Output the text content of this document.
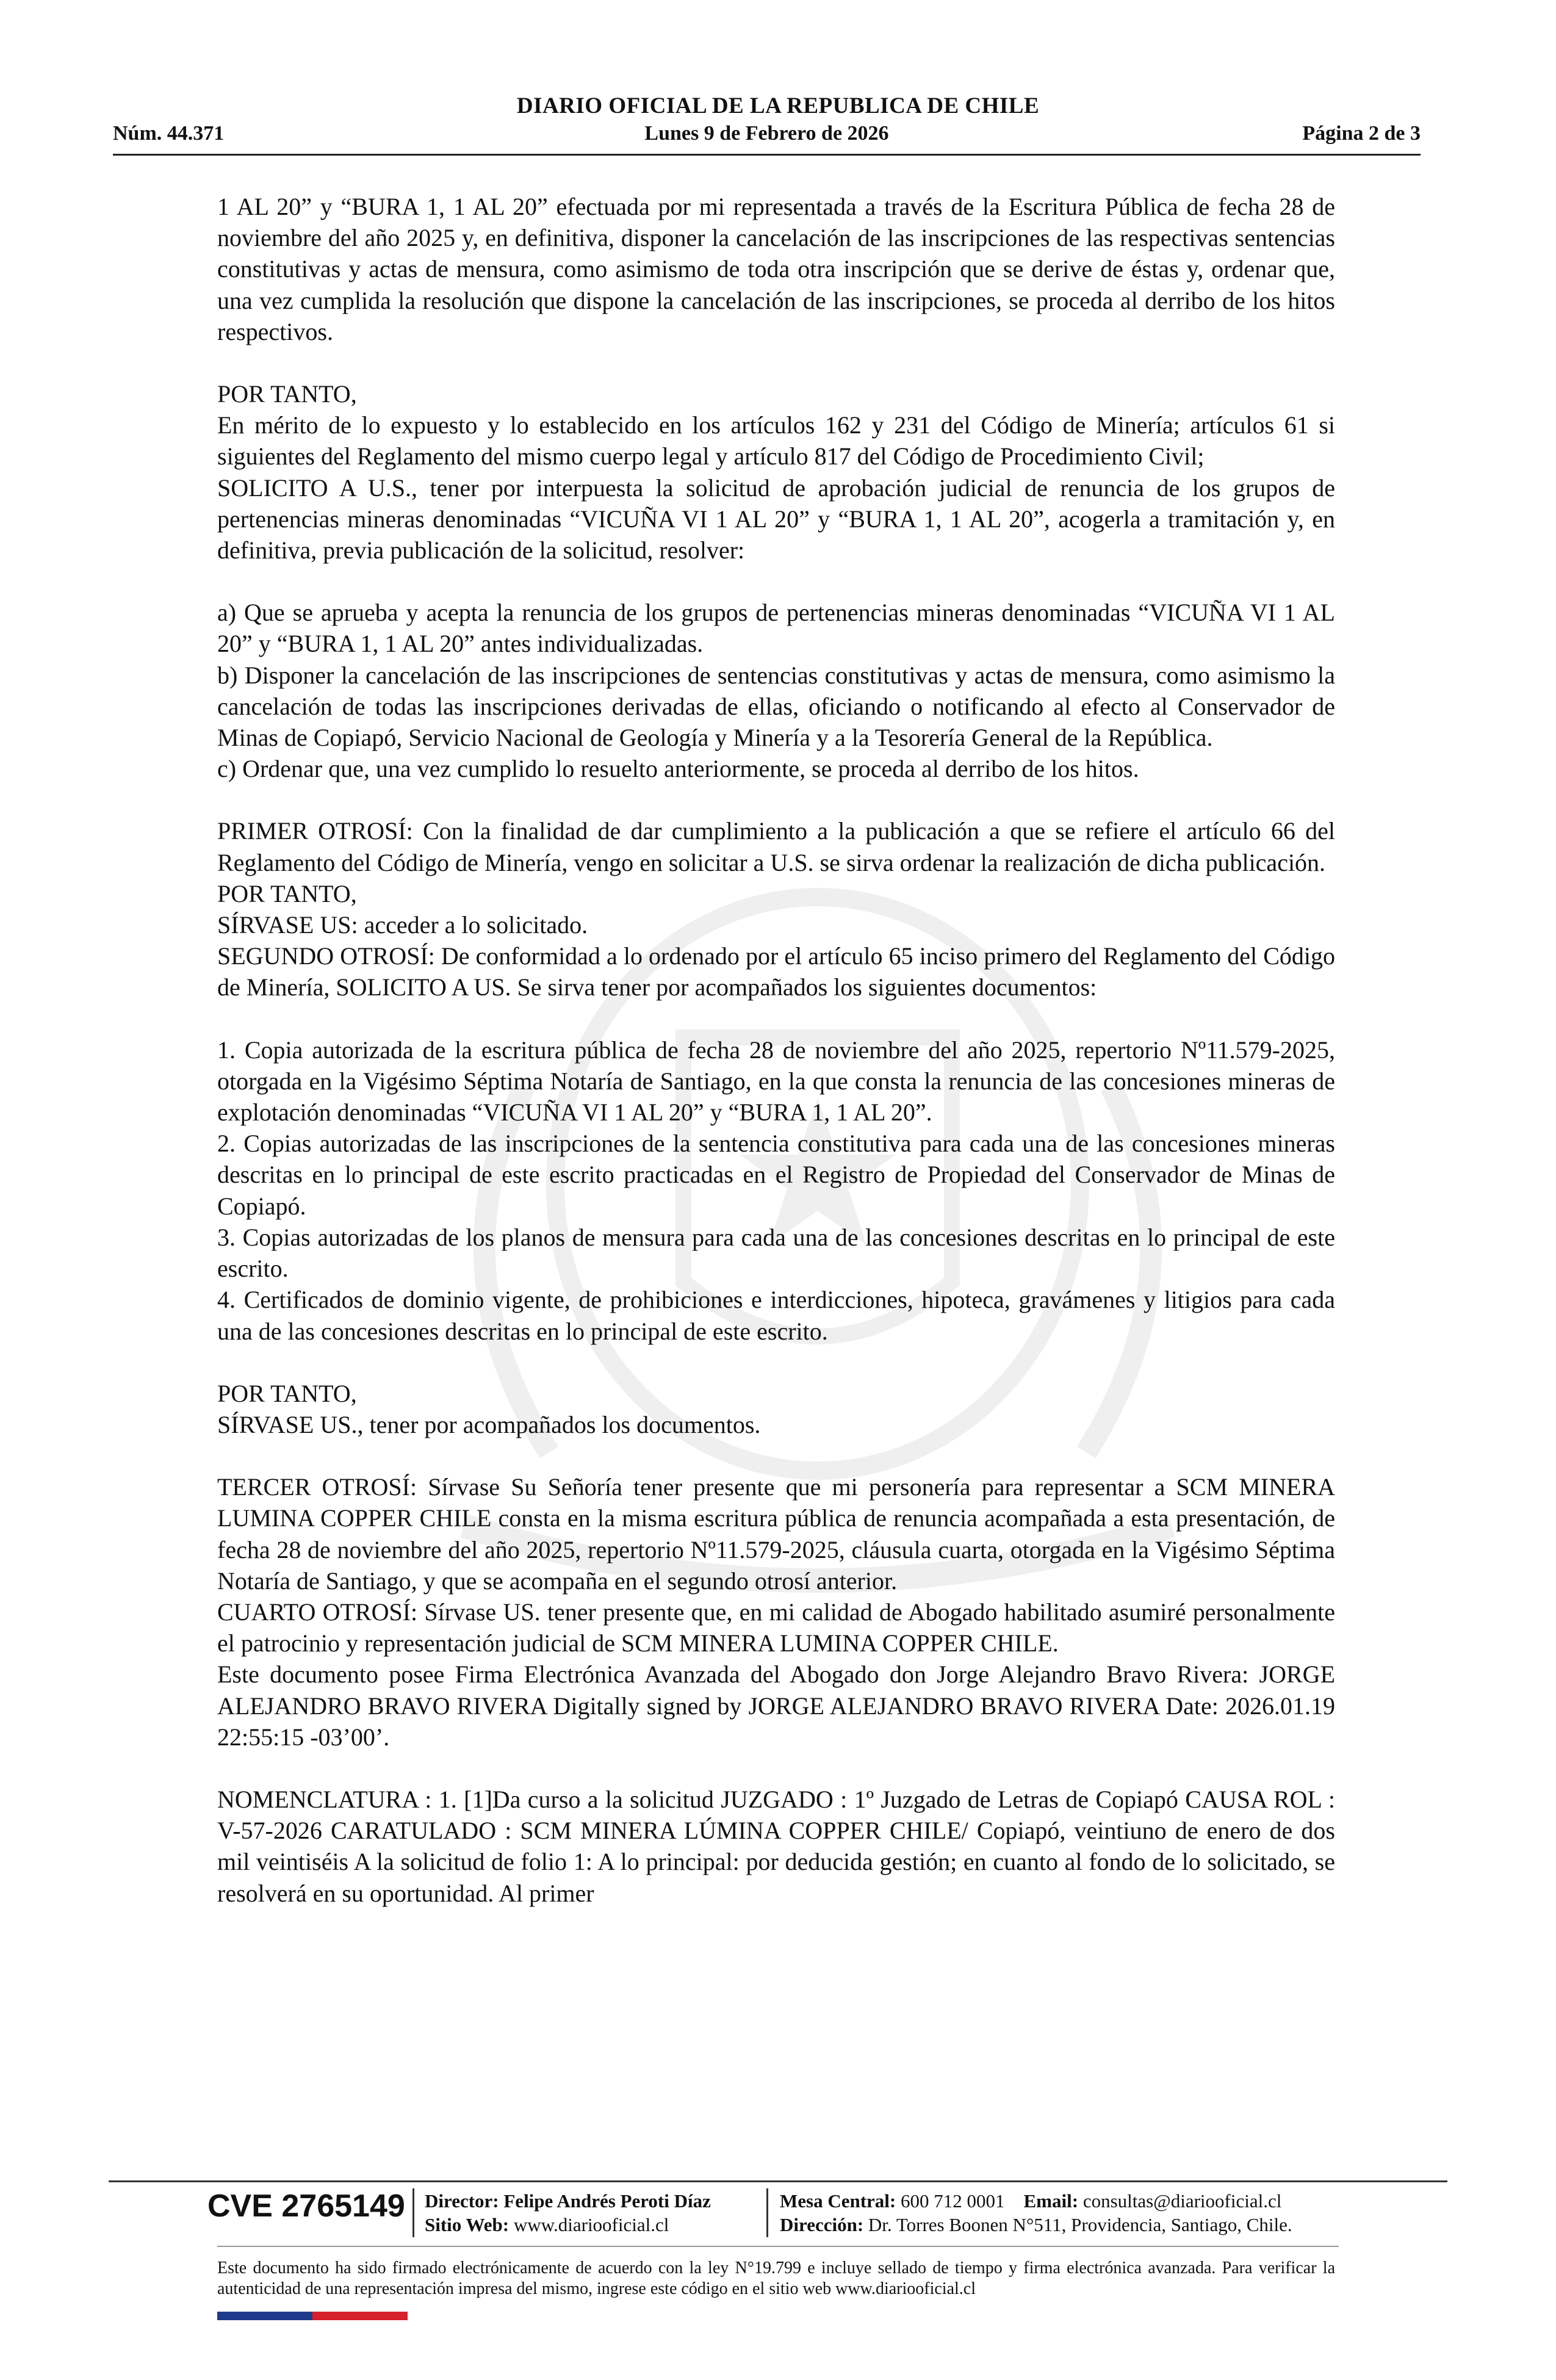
DIARIO OFICIAL DE LA REPUBLICA DE CHILE
Núm. 44.371	Lunes 9 de Febrero de 2026	Página 2 de 3

1 AL 20” y “BURA 1, 1 AL 20” efectuada por mi representada a través de la Escritura Pública de fecha 28 de noviembre del año 2025 y, en definitiva, disponer la cancelación de las inscripciones de las respectivas sentencias constitutivas y actas de mensura, como asimismo de toda otra inscripción que se derive de éstas y, ordenar que, una vez cumplida la resolución que dispone la cancelación de las inscripciones, se proceda al derribo de los hitos respectivos.

POR TANTO,

En mérito de lo expuesto y lo establecido en los artículos 162 y 231 del Código de Minería; artículos 61 si siguientes del Reglamento del mismo cuerpo legal y artículo 817 del Código de Procedimiento Civil;

SOLICITO A U.S., tener por interpuesta la solicitud de aprobación judicial de renuncia de los grupos de pertenencias mineras denominadas “VICUÑA VI 1 AL 20” y “BURA 1, 1 AL 20”, acogerla a tramitación y, en definitiva, previa publicación de la solicitud, resolver:

a) Que se aprueba y acepta la renuncia de los grupos de pertenencias mineras denominadas “VICUÑA VI 1 AL 20” y “BURA 1, 1 AL 20” antes individualizadas.

b) Disponer la cancelación de las inscripciones de sentencias constitutivas y actas de mensura, como asimismo la cancelación de todas las inscripciones derivadas de ellas, oficiando o notificando al efecto al Conservador de Minas de Copiapó, Servicio Nacional de Geología y Minería y a la Tesorería General de la República.

c) Ordenar que, una vez cumplido lo resuelto anteriormente, se proceda al derribo de los hitos.

PRIMER OTROSÍ: Con la finalidad de dar cumplimiento a la publicación a que se refiere el artículo 66 del Reglamento del Código de Minería, vengo en solicitar a U.S. se sirva ordenar la realización de dicha publicación.

POR TANTO,

SÍRVASE US: acceder a lo solicitado.

SEGUNDO OTROSÍ: De conformidad a lo ordenado por el artículo 65 inciso primero del Reglamento del Código de Minería, SOLICITO A US. Se sirva tener por acompañados los siguientes documentos:

1. Copia autorizada de la escritura pública de fecha 28 de noviembre del año 2025, repertorio Nº11.579-2025, otorgada en la Vigésimo Séptima Notaría de Santiago, en la que consta la renuncia de las concesiones mineras de explotación denominadas “VICUÑA VI 1 AL 20” y “BURA 1, 1 AL 20”.

2. Copias autorizadas de las inscripciones de la sentencia constitutiva para cada una de las concesiones mineras descritas en lo principal de este escrito practicadas en el Registro de Propiedad del Conservador de Minas de Copiapó.

3. Copias autorizadas de los planos de mensura para cada una de las concesiones descritas en lo principal de este escrito.

4. Certificados de dominio vigente, de prohibiciones e interdicciones, hipoteca, gravámenes y litigios para cada una de las concesiones descritas en lo principal de este escrito.

POR TANTO,

SÍRVASE US., tener por acompañados los documentos.

TERCER OTROSÍ: Sírvase Su Señoría tener presente que mi personería para representar a SCM MINERA LUMINA COPPER CHILE consta en la misma escritura pública de renuncia acompañada a esta presentación, de fecha 28 de noviembre del año 2025, repertorio Nº11.579-2025, cláusula cuarta, otorgada en la Vigésimo Séptima Notaría de Santiago, y que se acompaña en el segundo otrosí anterior.

CUARTO OTROSÍ: Sírvase US. tener presente que, en mi calidad de Abogado habilitado asumiré personalmente el patrocinio y representación judicial de SCM MINERA LUMINA COPPER CHILE.

Este documento posee Firma Electrónica Avanzada del Abogado don Jorge Alejandro Bravo Rivera: JORGE ALEJANDRO BRAVO RIVERA Digitally signed by JORGE ALEJANDRO BRAVO RIVERA Date: 2026.01.19 22:55:15 -03’00’.

NOMENCLATURA : 1. [1]Da curso a la solicitud JUZGADO : 1º Juzgado de Letras de Copiapó CAUSA ROL : V-57-2026 CARATULADO : SCM MINERA LÚMINA COPPER CHILE/ Copiapó, veintiuno de enero de dos mil veintiséis A la solicitud de folio 1: A lo principal: por deducida gestión; en cuanto al fondo de lo solicitado, se resolverá en su oportunidad. Al primer

CVE 2765149 Director: Felipe Andrés Peroti Díaz
Sitio Web: www.diariooficial.cl
Mesa Central: 600 712 0001 Email: consultas@diariooficial.cl
Dirección: Dr. Torres Boonen N°511, Providencia, Santiago, Chile.
Este documento ha sido firmado electrónicamente de acuerdo con la ley N°19.799 e incluye sellado de tiempo y firma electrónica avanzada. Para verificar la autenticidad de una representación impresa del mismo, ingrese este código en el sitio web www.diariooficial.cl
